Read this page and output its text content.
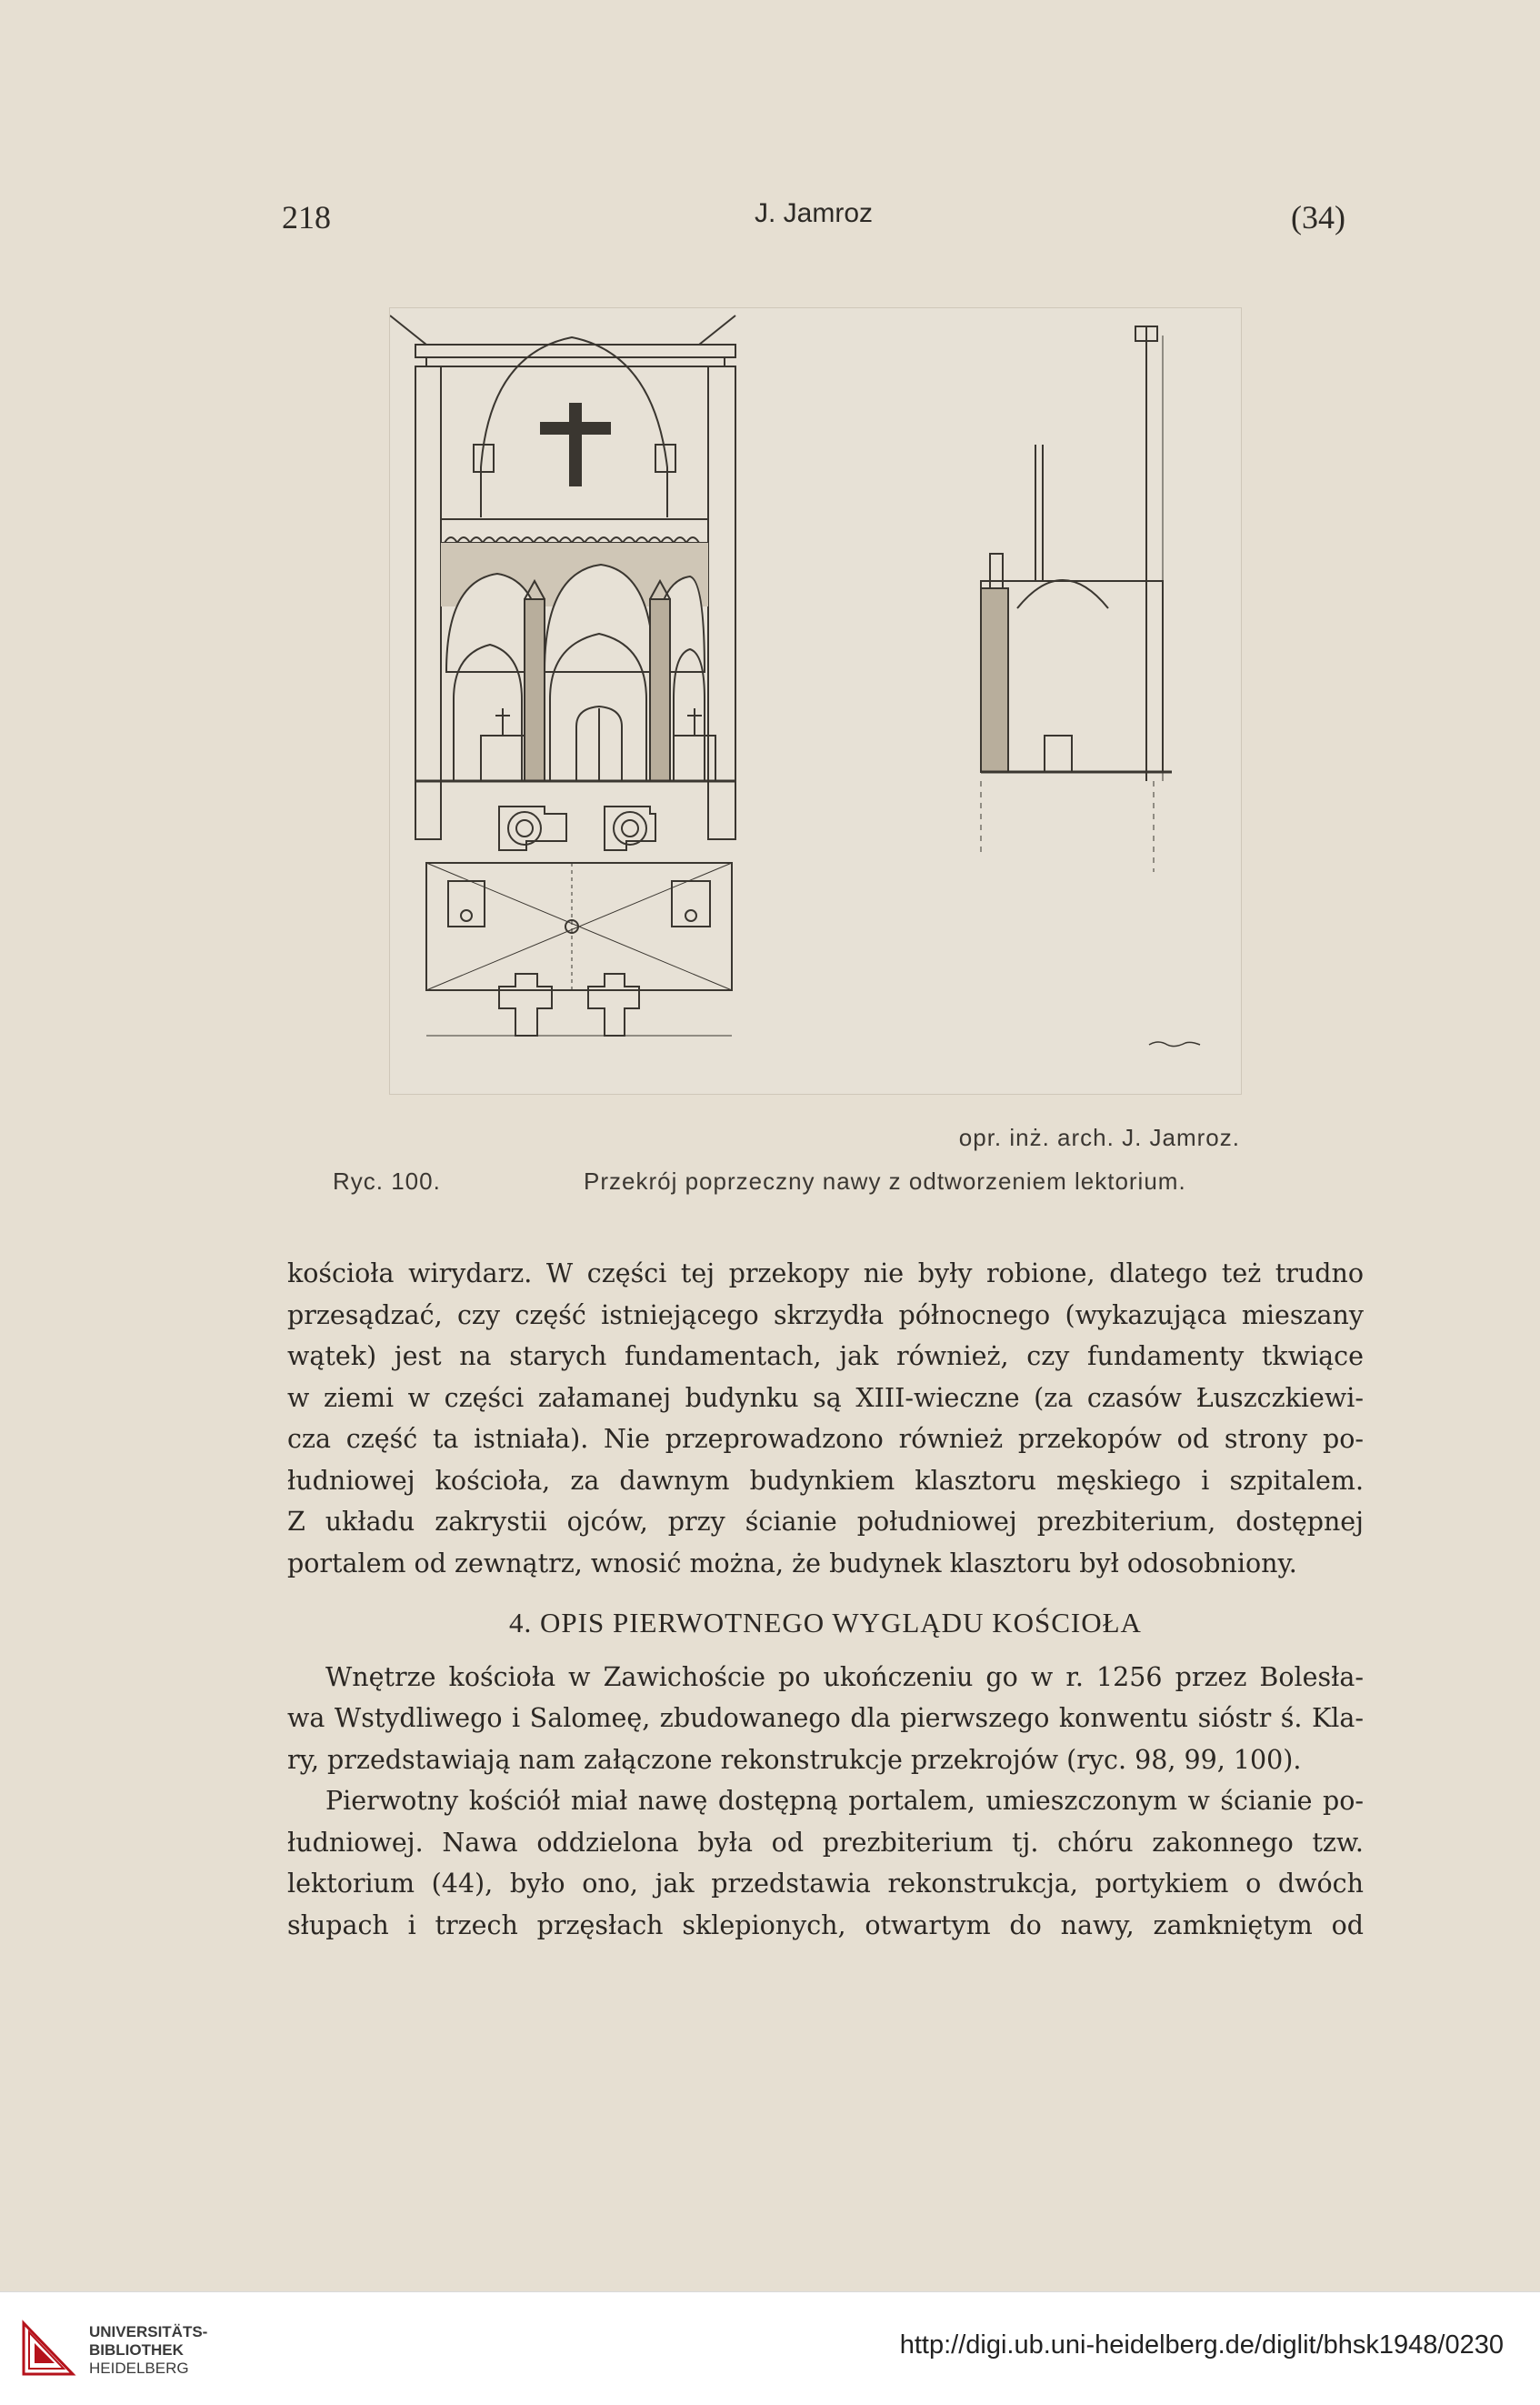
218	J. Jamroz	(34)
opr. inż. arch. J. Jamroz.
Ryc. 100.	Przekrój poprzeczny nawy z odtworzeniem lektorium.

kościoła wirydarz. W części tej przekopy nie były robione, dlatego też trudno
przesądzać, czy część istniejącego skrzydła północnego (wykazująca mieszany
wątek) jest na starych fundamentach, jak również, czy fundamenty tkwiące
w ziemi w części załamanej budynku są XIII-wieczne (za czasów Łuszczkiewi-
cza część ta istniała). Nie przeprowadzono również przekopów od strony po-
łudniowej kościoła, za dawnym budynkiem klasztoru męskiego i szpitalem.
Z układu zakrystii ojców, przy ścianie południowej prezbiterium, dostępnej
portalem od zewnątrz, wnosić można, że budynek klasztoru był odosobniony.

4. OPIS PIERWOTNEGO WYGLĄDU KOŚCIOŁA

Wnętrze kościoła w Zawichoście po ukończeniu go w r. 1256 przez Bolesła-
wa Wstydliwego i Salomeę, zbudowanego dla pierwszego konwentu sióstr ś. Kla-
ry, przedstawiają nam załączone rekonstrukcje przekrojów (ryc. 98, 99, 100).

Pierwotny kościół miał nawę dostępną portalem, umieszczonym w ścianie po-
łudniowej. Nawa oddzielona była od prezbiterium tj. chóru zakonnego tzw.
lektorium (44), było ono, jak przedstawia rekonstrukcja, portykiem o dwóch
słupach i trzech przęsłach sklepionych, otwartym do nawy, zamkniętym od

UNIVERSITÄTS-
BIBLIOTHEK
HEIDELBERG
http://digi.ub.uni-heidelberg.de/diglit/bhsk1948/0230
